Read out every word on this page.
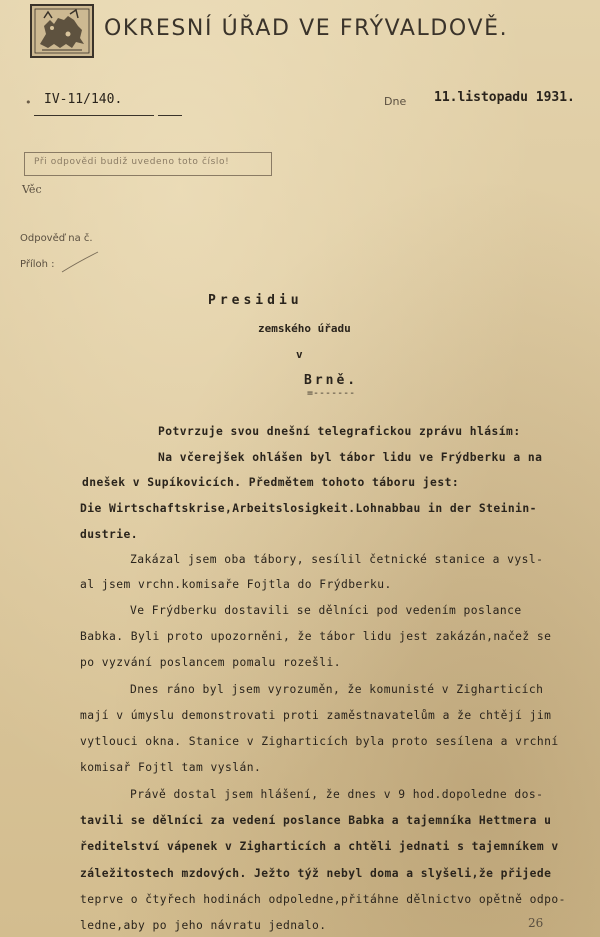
OKRESNÍ ÚŘAD VE FRÝVALDOVĚ.
• IV-11/140.	Dne 11.listopadu 1931.
Při odpovědi budiž uvedeno toto číslo!
Věc
Odpověď na č.
Příloh :
Presidiu
zemského úřadu
v
Brně.
=-------
Potvrzuje svou dnešní telegrafickou zprávu hlásím:
Na včerejšek ohlášen byl tábor lidu ve Frýdberku a na
dnešek v Supíkovicích. Předmětem tohoto táboru jest:
Die Wirtschaftskrise,Arbeitslosigkeit.Lohnabbau in der Steinin-
dustrie.
Zakázal jsem oba tábory, sesílil četnické stanice a vysl-
al jsem vrchn.komisaře Fojtla do Frýdberku.
Ve Frýdberku dostavili se dělníci pod vedením poslance
Babka. Byli proto upozorněni, že tábor lidu jest zakázán,načež se
po vyzvání poslancem pomalu rozešli.
Dnes ráno byl jsem vyrozuměn, že komunisté v Zigharticích
mají v úmyslu demonstrovati proti zaměstnavatelům a že chtějí jim
vytlouci okna. Stanice v Zigharticích byla proto sesílena a vrchní
komisař Fojtl tam vyslán.
Právě dostal jsem hlášení, že dnes v 9 hod.dopoledne dos-
tavili se dělníci za vedení poslance Babka a tajemníka Hettmera u
ředitelství vápenek v Zigharticích a chtěli jednati s tajemníkem v
záležitostech mzdových. Ježto týž nebyl doma a slyšeli,že přijede
teprve o čtyřech hodinách odpoledne,přitáhne dělnictvo opětně odpo-
ledne,aby po jeho návratu jednalo.	26
